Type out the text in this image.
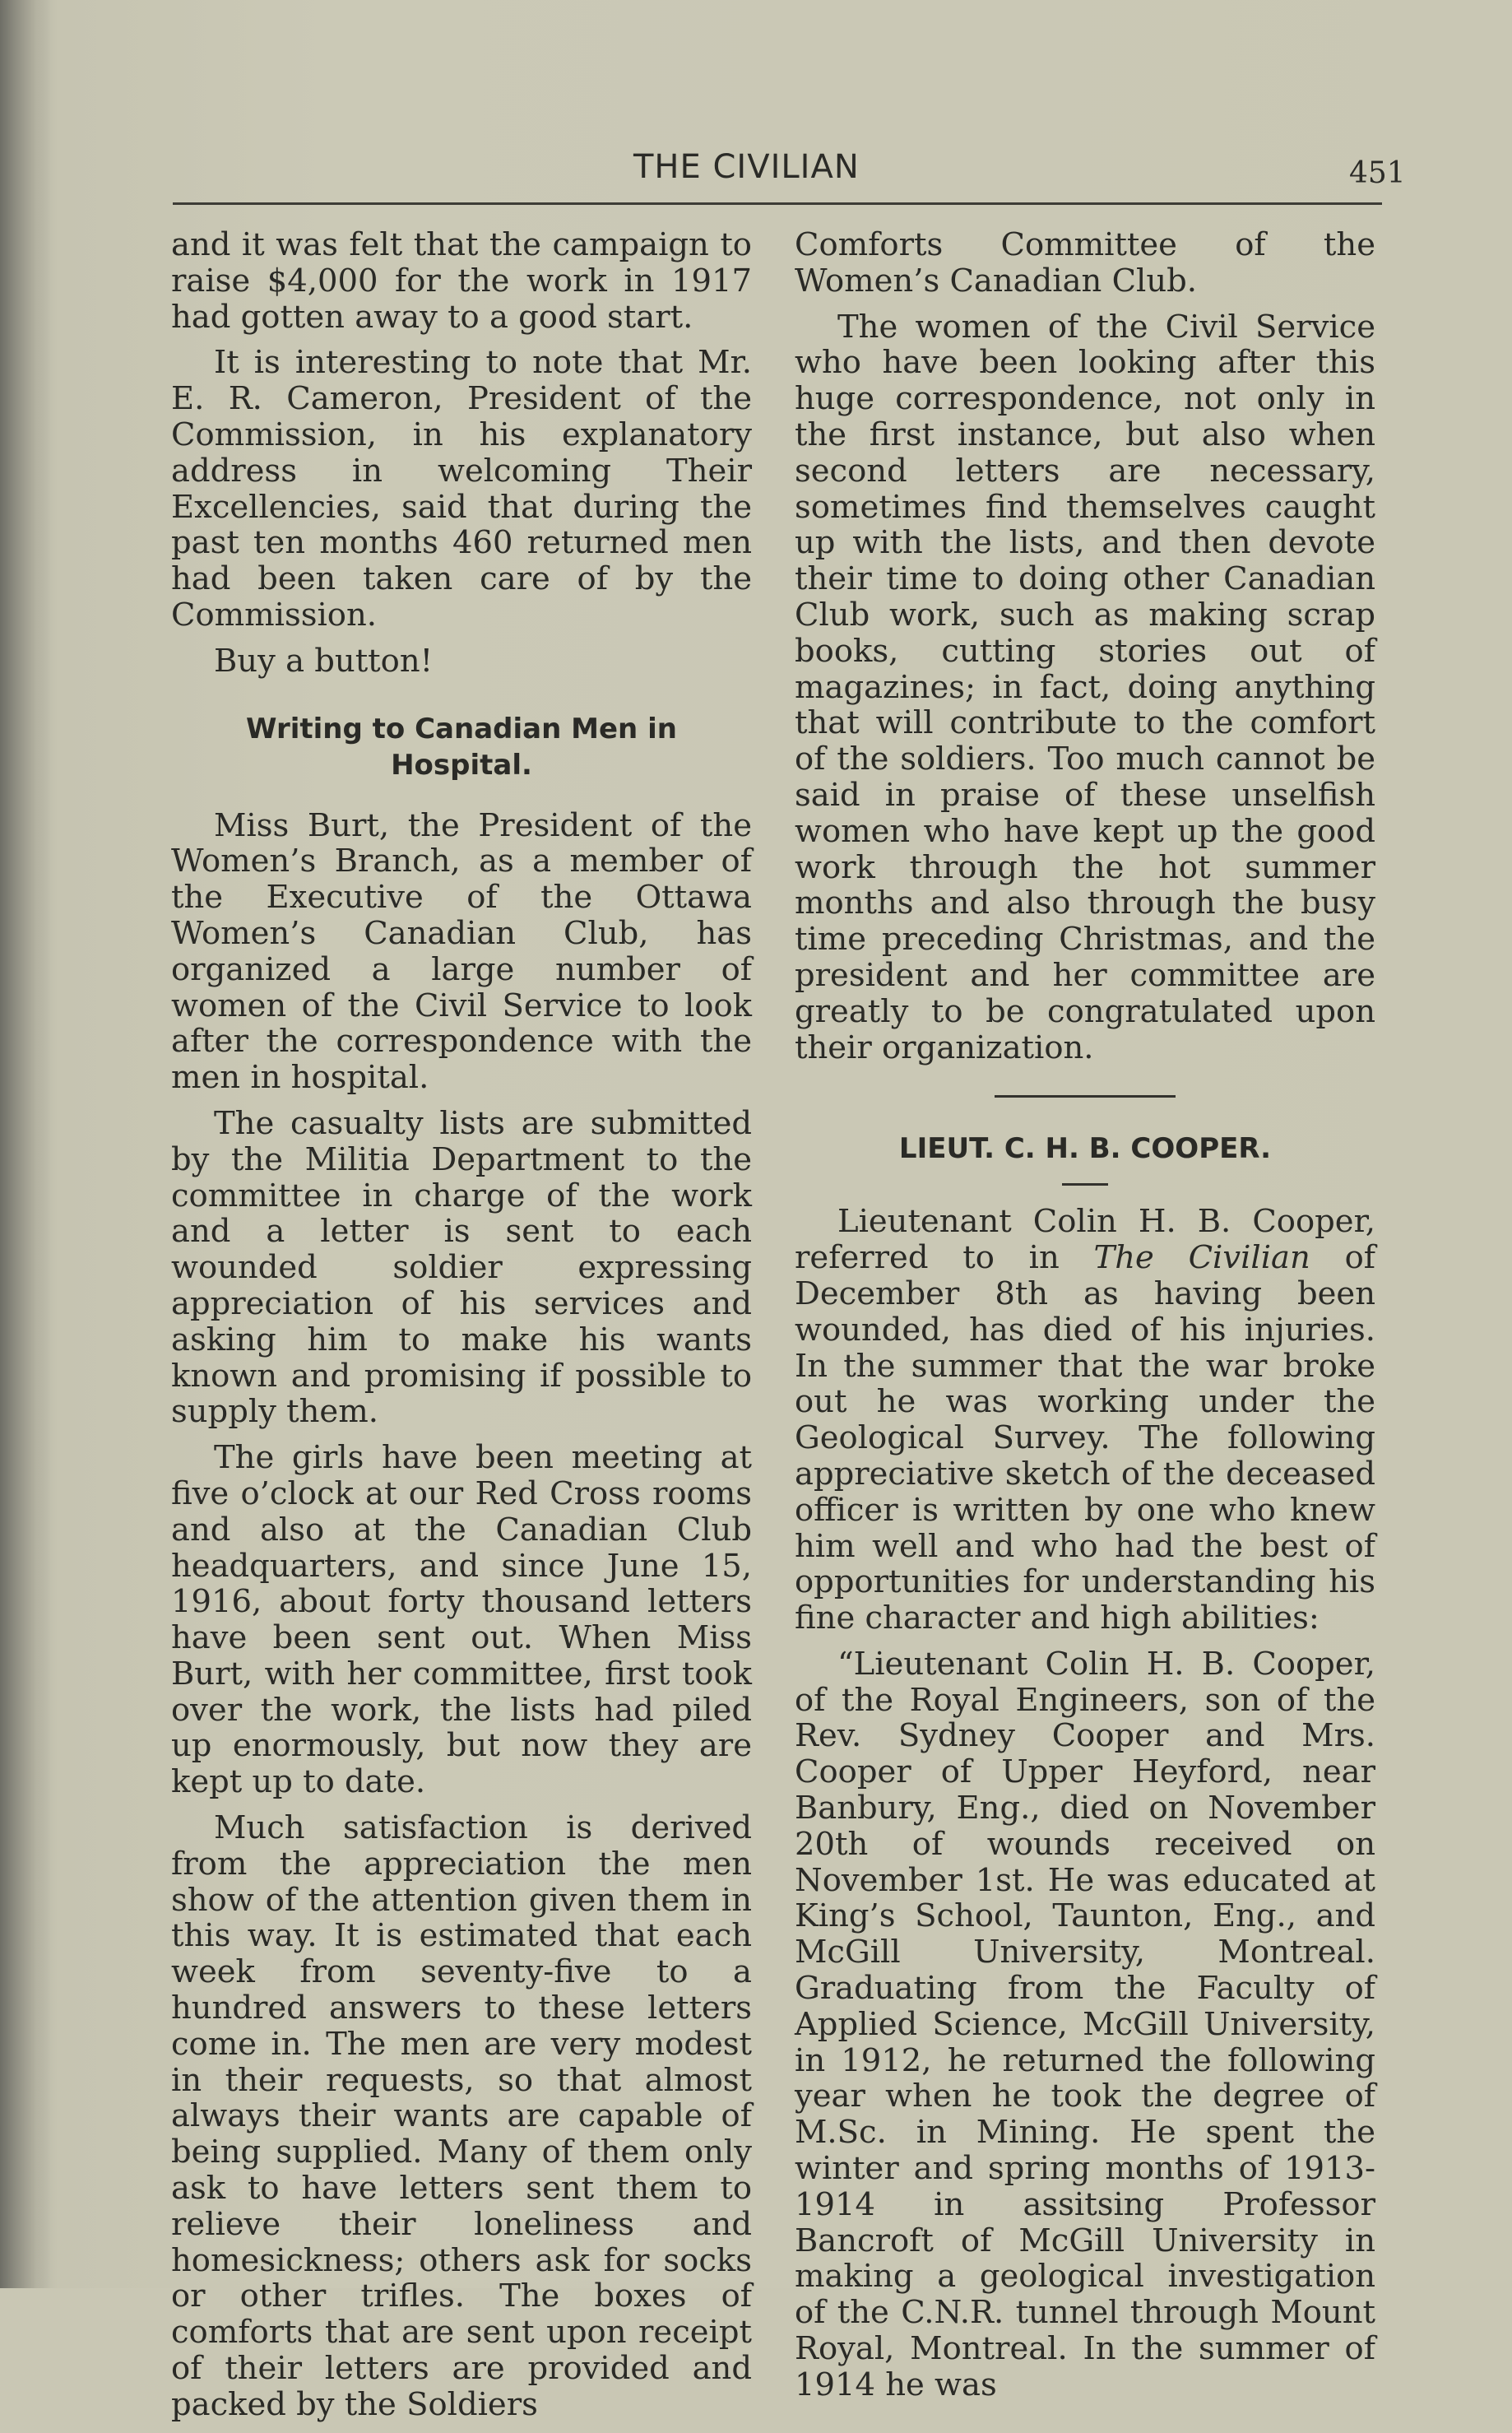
THE CIVILIAN	451

and it was felt that the campaign to raise $4,000 for the work in 1917 had gotten away to a good start.

It is interesting to note that Mr. E. R. Cameron, President of the Commission, in his explanatory address in welcoming Their Excellencies, said that during the past ten months 460 returned men had been taken care of by the Commission.

Buy a button!

Writing to Canadian Men in Hospital.

Miss Burt, the President of the Women’s Branch, as a member of the Executive of the Ottawa Women’s Canadian Club, has organized a large number of women of the Civil Service to look after the correspondence with the men in hospital.

The casualty lists are submitted by the Militia Department to the committee in charge of the work and a letter is sent to each wounded soldier expressing appreciation of his services and asking him to make his wants known and promising if possible to supply them.

The girls have been meeting at five o’clock at our Red Cross rooms and also at the Canadian Club headquarters, and since June 15, 1916, about forty thousand letters have been sent out. When Miss Burt, with her committee, first took over the work, the lists had piled up enormously, but now they are kept up to date.

Much satisfaction is derived from the appreciation the men show of the attention given them in this way. It is estimated that each week from seventy-five to a hundred answers to these letters come in. The men are very modest in their requests, so that almost always their wants are capable of being supplied. Many of them only ask to have letters sent them to relieve their loneliness and homesickness; others ask for socks or other trifles. The boxes of comforts that are sent upon receipt of their letters are provided and packed by the Soldiers

Comforts Committee of the Women’s Canadian Club.

The women of the Civil Service who have been looking after this huge correspondence, not only in the first instance, but also when second letters are necessary, sometimes find themselves caught up with the lists, and then devote their time to doing other Canadian Club work, such as making scrap books, cutting stories out of magazines; in fact, doing anything that will contribute to the comfort of the soldiers. Too much cannot be said in praise of these unselfish women who have kept up the good work through the hot summer months and also through the busy time preceding Christmas, and the president and her committee are greatly to be congratulated upon their organization.

LIEUT. C. H. B. COOPER.

Lieutenant Colin H. B. Cooper, referred to in The Civilian of December 8th as having been wounded, has died of his injuries. In the summer that the war broke out he was working under the Geological Survey. The following appreciative sketch of the deceased officer is written by one who knew him well and who had the best of opportunities for understanding his fine character and high abilities:

“Lieutenant Colin H. B. Cooper, of the Royal Engineers, son of the Rev. Sydney Cooper and Mrs. Cooper of Upper Heyford, near Banbury, Eng., died on November 20th of wounds received on November 1st. He was educated at King’s School, Taunton, Eng., and McGill University, Montreal. Graduating from the Faculty of Applied Science, McGill University, in 1912, he returned the following year when he took the degree of M.Sc. in Mining. He spent the winter and spring months of 1913-1914 in assitsing Professor Bancroft of McGill University in making a geological investigation of the C.N.R. tunnel through Mount Royal, Montreal. In the summer of 1914 he was
